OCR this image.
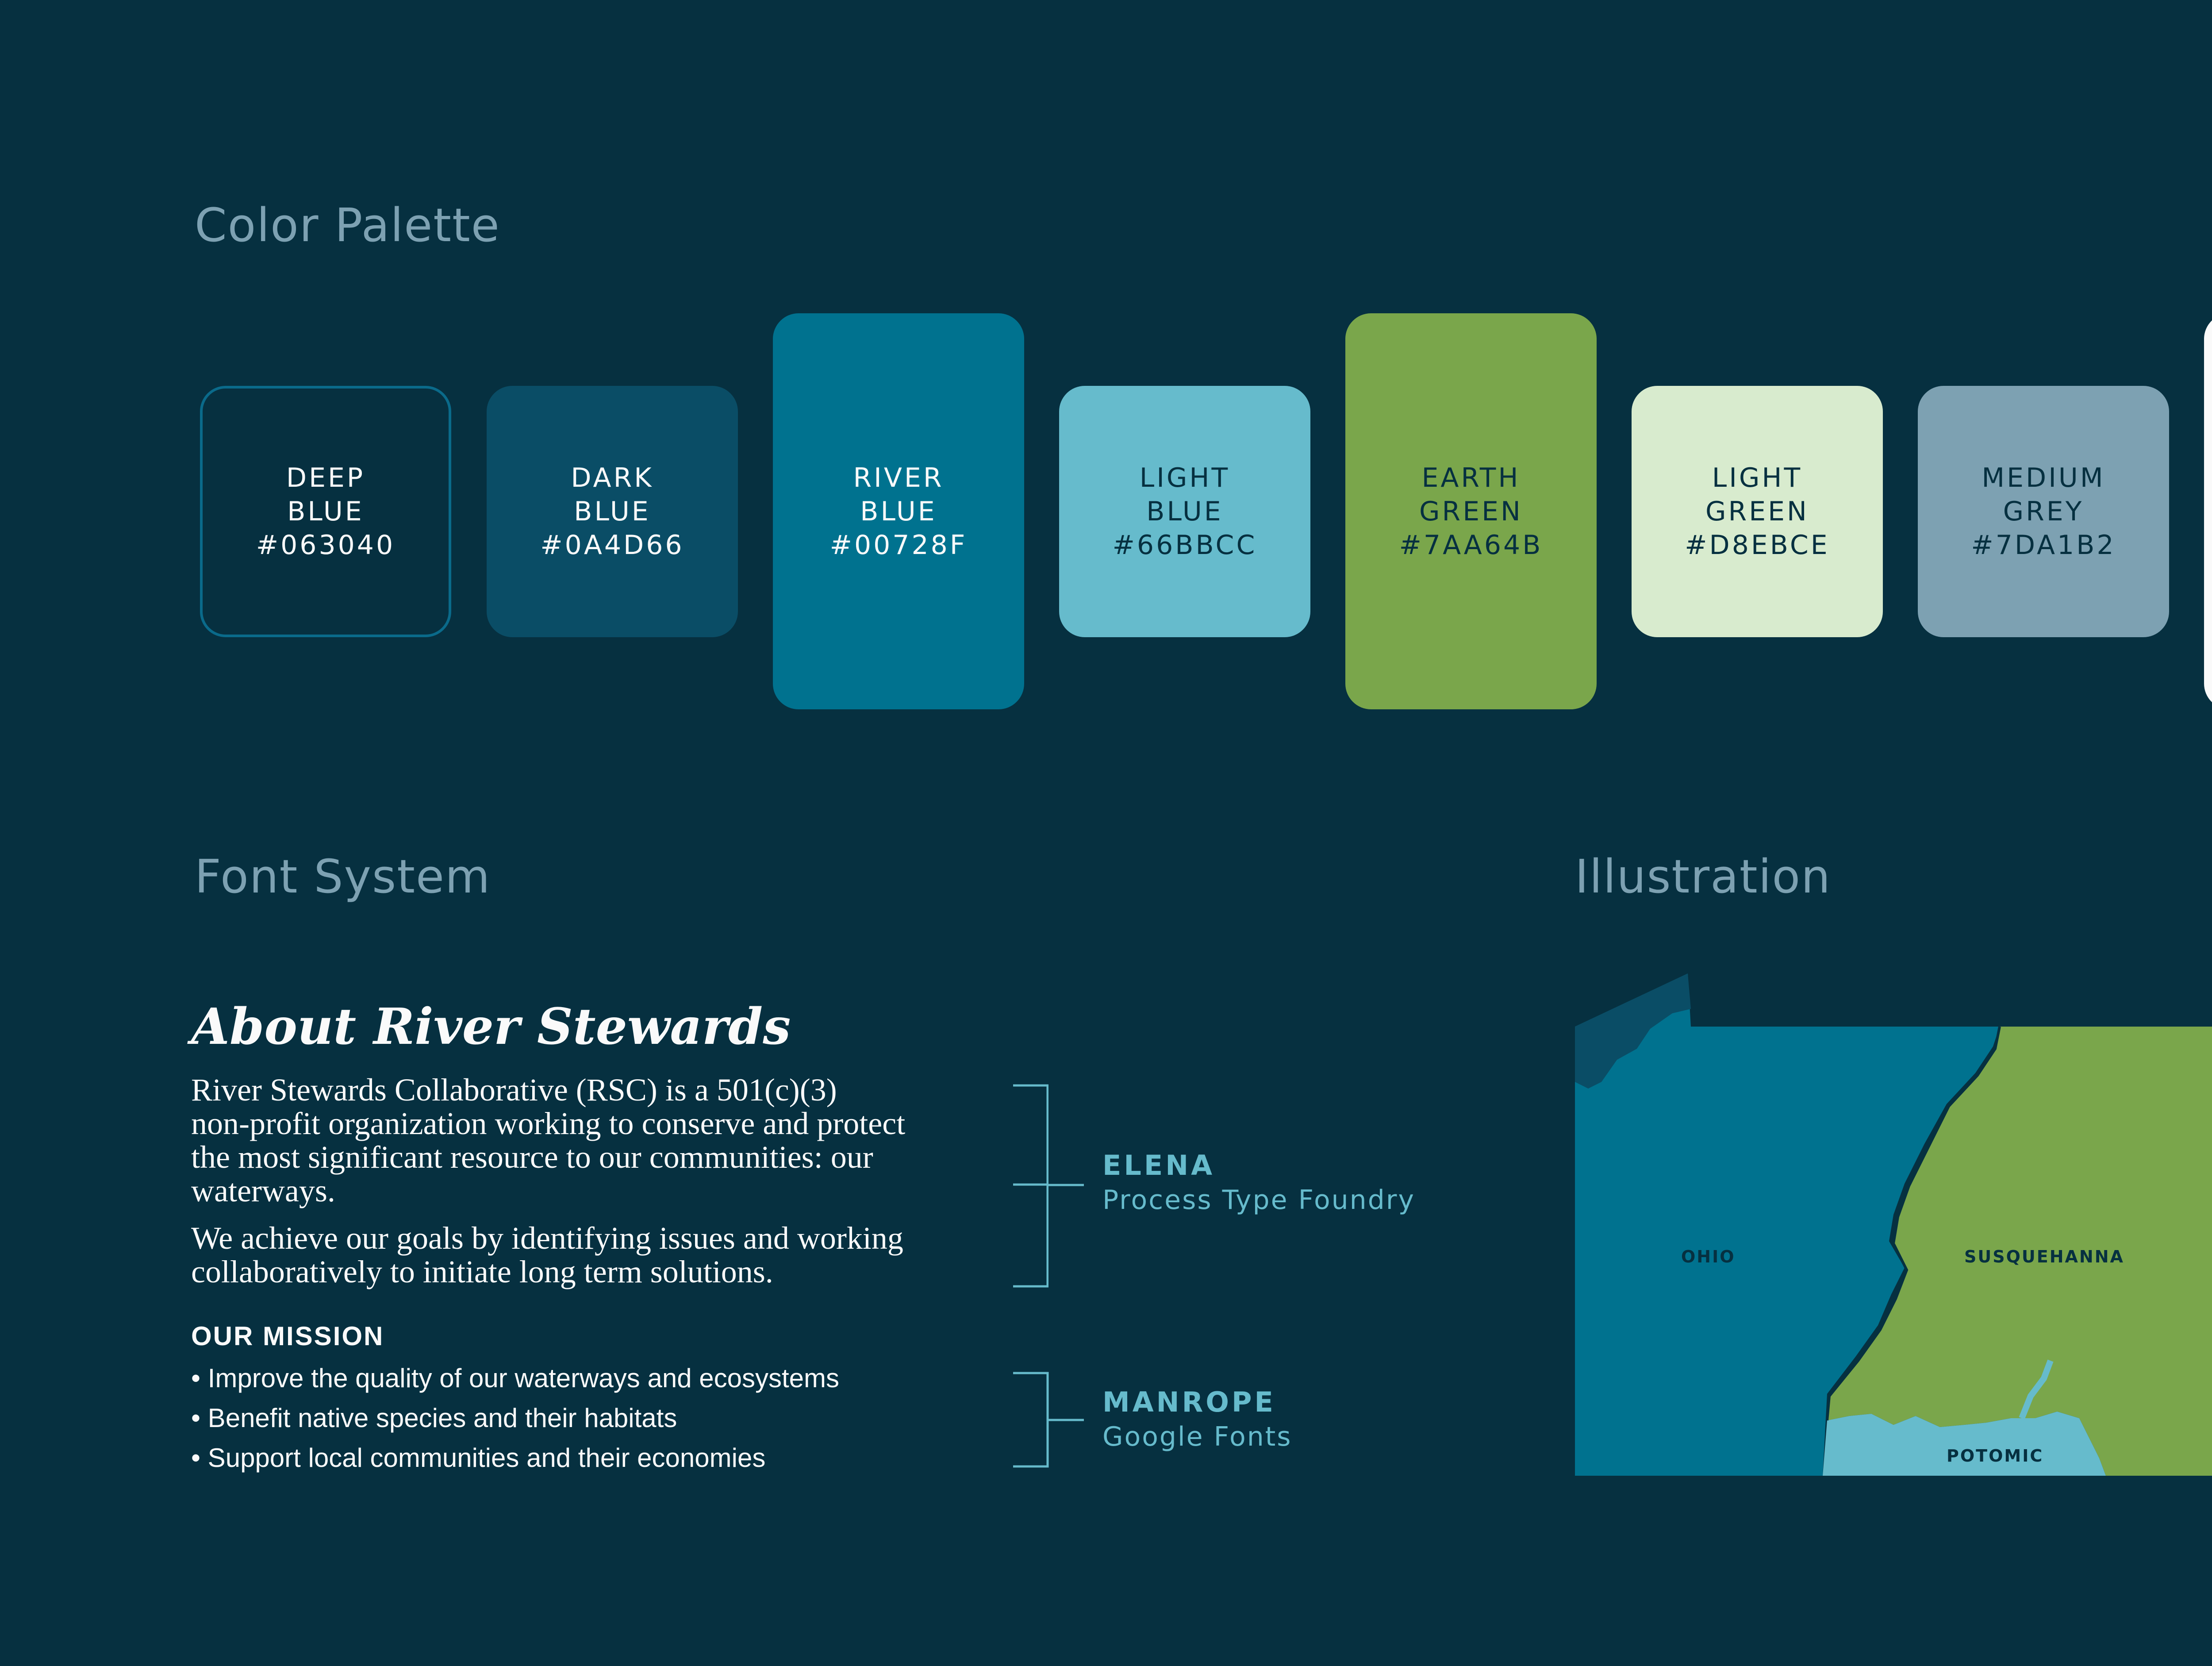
Color Palette
DEEP
BLUE
#063040
DARK
BLUE
#0A4D66
RIVER
BLUE
#00728F
LIGHT
BLUE
#66BBCC
EARTH
GREEN
#7AA64B
LIGHT
GREEN
#D8EBCE
MEDIUM
GREY
#7DA1B2
Font System	Illustration
About River Stewards

River Stewards Collaborative (RSC) is a 501(c)(3)
non-profit organization working to conserve and protect
the most significant resource to our communities: our
waterways.

We achieve our goals by identifying issues and working
collaboratively to initiate long term solutions.

OUR MISSION
• Improve the quality of our waterways and ecosystems
• Benefit native species and their habitats
• Support local communities and their economies
ELENA
Process Type Foundry
MANROPE
Google Fonts
OHIO	SUSQUEHANNA
POTOMIC
